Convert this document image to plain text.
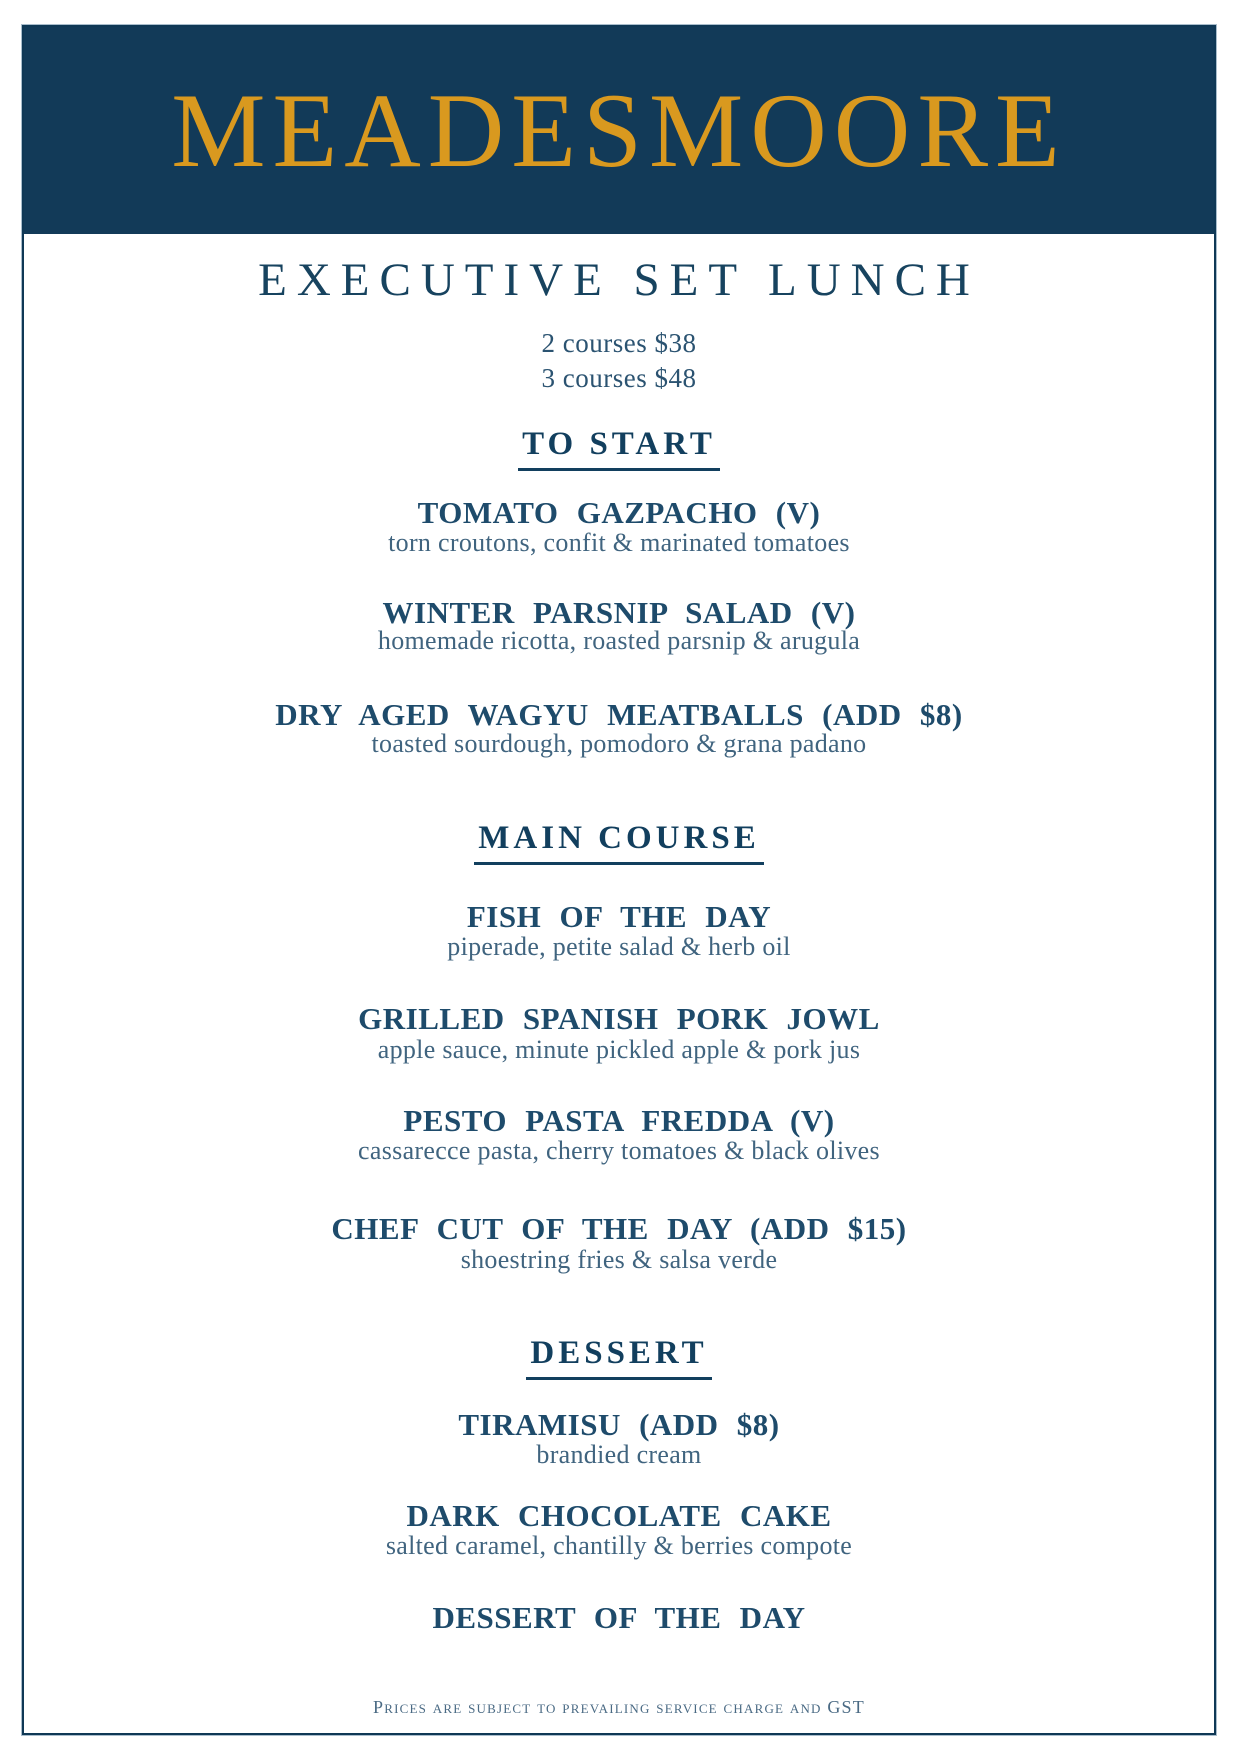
MEADESMOORE
EXECUTIVE SET LUNCH
2 courses $38
3 courses $48
TO START
TOMATO GAZPACHO (V)
torn croutons, confit & marinated tomatoes
WINTER PARSNIP SALAD (V)
homemade ricotta, roasted parsnip & arugula
DRY AGED WAGYU MEATBALLS (ADD $8)
toasted sourdough, pomodoro & grana padano
MAIN COURSE
FISH OF THE DAY
piperade, petite salad & herb oil
GRILLED SPANISH PORK JOWL
apple sauce, minute pickled apple & pork jus
PESTO PASTA FREDDA (V)
cassarecce pasta, cherry tomatoes & black olives
CHEF CUT OF THE DAY (ADD $15)
shoestring fries & salsa verde
DESSERT
TIRAMISU (ADD $8)
brandied cream
DARK CHOCOLATE CAKE
salted caramel, chantilly & berries compote
DESSERT OF THE DAY
Prices are subject to prevailing service charge and GST
